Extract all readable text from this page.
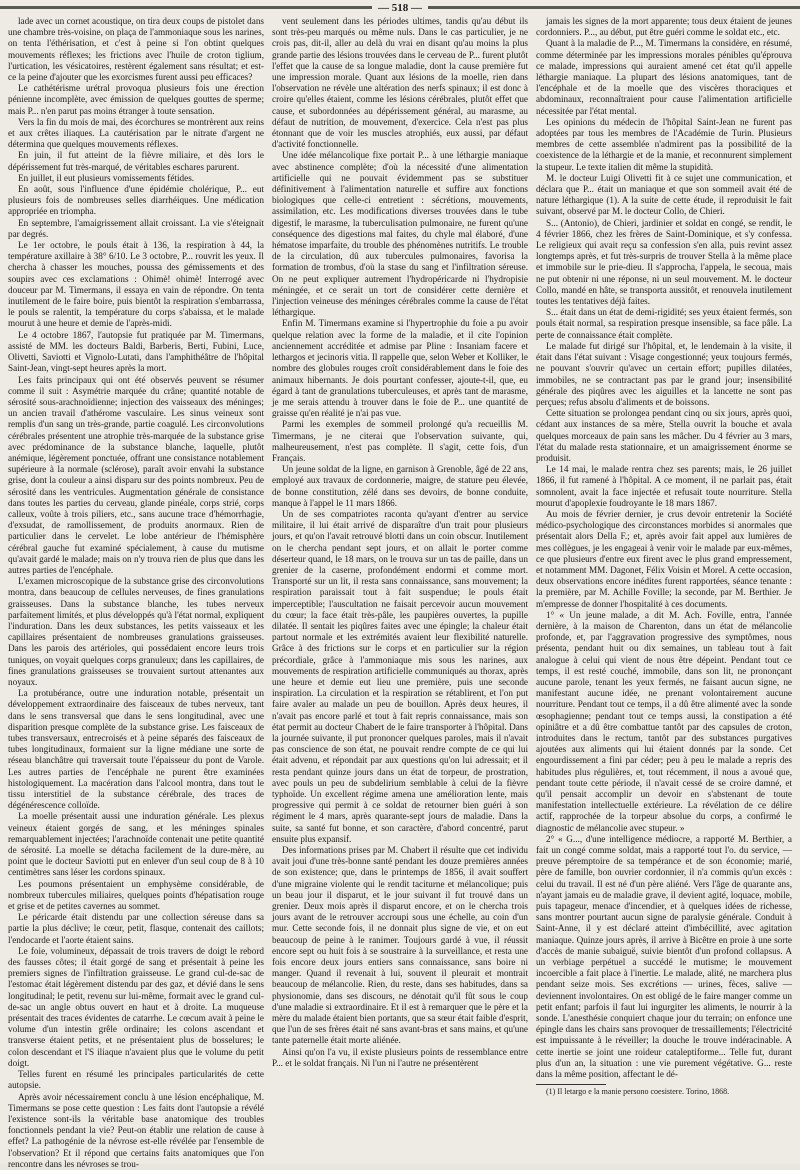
— 518 —

lade avec un cornet acoustique, on tira deux coups de pistolet dans une chambre très-voisine, on plaça de l'ammoniaque sous les narines, on tenta l'éthérisation, et c'est à peine si l'on obtint quelques mouvements réflexes; les frictions avec l'huile de croton tiglium, l'urtication, les vésicatoires, restèrent également sans résultat; et est-ce la peine d'ajouter que les exorcismes furent aussi peu efficaces?

Le cathétérisme urétral provoqua plusieurs fois une érection pénienne incomplète, avec émission de quelques gouttes de sperme; mais P... n'en parut pas moins étranger à toute sensation.

Vers la fin du mois de mai, des écorchures se montrèrent aux reins et aux crêtes iliaques. La cautérisation par le nitrate d'argent ne détermina que quelques mouvements réflexes.

En juin, il fut atteint de la fièvre miliaire, et dès lors le dépérissement fut très-marqué, de véritables eschares parurent.

En juillet, il eut plusieurs vomissements fétides.

En août, sous l'influence d'une épidémie cholérique, P... eut plusieurs fois de nombreuses selles diarrhéiques. Une médication appropriée en triompha.

En septembre, l'amaigrissement allait croissant. La vie s'éteignait par degrés.

Le 1er octobre, le pouls était à 136, la respiration à 44, la température axillaire à 38° 6/10. Le 3 octobre, P... rouvrit les yeux. Il chercha à chasser les mouches, poussa des gémissements et des soupirs avec ces exclamations : Ohimè! ohimè! Interrogé avec douceur par M. Timermans, il essaya en vain de répondre. On tenta inutilement de le faire boire, puis bientôt la respiration s'embarrassa, le pouls se ralentit, la température du corps s'abaissa, et le malade mourut à une heure et demie de l'après-midi.

Le 4 octobre 1867, l'autopsie fut pratiquée par M. Timermans, assisté de MM. les docteurs Baldi, Barberis, Berti, Fubini, Luce, Olivetti, Saviotti et Vignolo-Lutati, dans l'amphithéâtre de l'hôpital Saint-Jean, vingt-sept heures après la mort.

Les faits principaux qui ont été observés peuvent se résumer comme il suit : Asymétrie marquée du crâne; quantité notable de sérosité sous-arachnoïdienne; injection des vaisseaux des méninges; un ancien travail d'athérome vasculaire. Les sinus veineux sont remplis d'un sang un très-grande, partie coagulé. Les circonvolutions cérébrales présentent une atrophie très-marquée de la substance grise avec prédominance de la substance blanche, laquelle, plutôt anémique, légèrement ponctuée, offrant une consistance notablement supérieure à la normale (sclérose), paraît avoir envahi la substance grise, dont la couleur a ainsi disparu sur des points nombreux. Peu de sérosité dans les ventricules. Augmentation générale de consistance dans toutes les parties du cerveau, glande pinéale, corps strié, corps calleux, voûte à trois piliers, etc., sans aucune trace d'hémorrhagie, d'exsudat, de ramollissement, de produits anormaux. Rien de particulier dans le cervelet. Le lobe antérieur de l'hémisphère cérébral gauche fut examiné spécialement, à cause du mutisme qu'avait gardé le malade; mais on n'y trouva rien de plus que dans les autres parties de l'encéphale.

L'examen microscopique de la substance grise des circonvolutions montra, dans beaucoup de cellules nerveuses, de fines granulations graisseuses. Dans la substance blanche, les tubes nerveux parfaitement limités, et plus développés qu'à l'état normal, expliquent l'induration. Dans les deux substances, les petits vaisseaux et les capillaires présentaient de nombreuses granulations graisseuses. Dans les parois des artérioles, qui possédaient encore leurs trois tuniques, on voyait quelques corps granuleux; dans les capillaires, de fines granulations graisseuses se trouvaient surtout attenantes aux noyaux.

La protubérance, outre une induration notable, présentait un développement extraordinaire des faisceaux de tubes nerveux, tant dans le sens transversal que dans le sens longitudinal, avec une disparition presque complète de la substance grise. Les faisceaux de tubes transversaux, entrecroisés et à peine séparés des faisceaux de tubes longitudinaux, formaient sur la ligne médiane une sorte de réseau blanchâtre qui traversait toute l'épaisseur du pont de Varole. Les autres parties de l'encéphale ne purent être examinées histologiquement. La macération dans l'alcool montra, dans tout le tissu interstitiel de la substance cérébrale, des traces de dégénérescence colloïde.

La moelle présentait aussi une induration générale. Les plexus veineux étaient gorgés de sang, et les méninges spinales remarquablement injectées; l'arachnoïde contenait une petite quantité de sérosité. La moelle se détacha facilement de la dure-mère, au point que le docteur Saviotti put en enlever d'un seul coup de 8 à 10 centimètres sans léser les cordons spinaux.

Les poumons présentaient un emphysème considérable, de nombreux tubercules miliaires, quelques points d'hépatisation rouge et grise et de petites cavernes au sommet.

Le péricarde était distendu par une collection séreuse dans sa partie la plus déclive; le cœur, petit, flasque, contenait des caillots; l'endocarde et l'aorte étaient sains.

Le foie, volumineux, dépassait de trois travers de doigt le rebord des fausses côtes; il était gorgé de sang et présentait à peine les premiers signes de l'infiltration graisseuse. Le grand cul-de-sac de l'estomac était légèrement distendu par des gaz, et dévié dans le sens longitudinal; le petit, revenu sur lui-même, formait avec le grand cul-de-sac un angle obtus ouvert en haut et à droite. La muqueuse présentait des traces évidentes de catarrhe. Le cœcum avait à peine le volume d'un intestin grêle ordinaire; les colons ascendant et transverse étaient petits, et ne présentaient plus de bosselures; le colon descendant et l'S iliaque n'avaient plus que le volume du petit doigt.

Telles furent en résumé les principales particularités de cette autopsie.

Après avoir nécessairement conclu à une lésion encéphalique, M. Timermans se pose cette question : Les faits dont l'autopsie a révélé l'existence sont-ils la véritable base anatomique des troubles fonctionnels pendant la vie? Peut-on établir une relation de cause à effet? La pathogénie de la névrose est-elle révélée par l'ensemble de l'observation? Et il répond que certains faits anatomiques que l'on rencontre dans les névroses se trou-

vent seulement dans les périodes ultimes, tandis qu'au début ils sont très-peu marqués ou même nuls. Dans le cas particulier, je ne crois pas, dit-il, aller au delà du vrai en disant qu'au moins la plus grande partie des lésions trouvées dans le cerveau de P... furent plutôt l'effet que la cause de sa longue maladie, dont la cause première fut une impression morale. Quant aux lésions de la moelle, rien dans l'observation ne révèle une altération des nerfs spinaux; il est donc à croire qu'elles étaient, comme les lésions cérébrales, plutôt effet que cause, et subordonnées au dépérissement général, au marasme, au défaut de nutrition, de mouvement, d'exercice. Cela n'est pas plus étonnant que de voir les muscles atrophiés, eux aussi, par défaut d'activité fonctionnelle.

Une idée mélancolique fixe portait P... à une léthargie maniaque avec abstinence complète; d'où la nécessité d'une alimentation artificielle qui ne pouvait évidemment pas se substituer définitivement à l'alimentation naturelle et suffire aux fonctions biologiques que celle-ci entretient : sécrétions, mouvements, assimilation, etc. Les modifications diverses trouvées dans le tube digestif, le marasme, la tuberculisation pulmonaire, ne furent qu'une conséquence des digestions mal faites, du chyle mal élaboré, d'une hématose imparfaite, du trouble des phénomènes nutritifs. Le trouble de la circulation, dû aux tubercules pulmonaires, favorisa la formation de trombus, d'où la stase du sang et l'infiltration séreuse. On ne peut expliquer autrement l'hydropéricarde ni l'hydropisie méningée, et ce serait un tort de considérer cette dernière et l'injection veineuse des méninges cérébrales comme la cause de l'état léthargique.

Enfin M. Timermans examine si l'hypertrophie du foie a pu avoir quelque relation avec la forme de la maladie, et il cite l'opinion anciennement accréditée et admise par Pline : Insaniam facere et lethargos et jecinoris vitia. Il rappelle que, selon Weber et Kolliker, le nombre des globules rouges croît considérablement dans le foie des animaux hibernants. Je dois pourtant confesser, ajoute-t-il, que, eu égard à tant de granulations tuberculeuses, et après tant de marasme, je me serais attendu à trouver dans le foie de P... une quantité de graisse qu'en réalité je n'ai pas vue.

Parmi les exemples de sommeil prolongé qu'a recueillis M. Timermans, je ne citerai que l'observation suivante, qui, malheureusement, n'est pas complète. Il s'agit, cette fois, d'un Français.

Un jeune soldat de la ligne, en garnison à Grenoble, âgé de 22 ans, employé aux travaux de cordonnerie, maigre, de stature peu élevée, de bonne constitution, zélé dans ses devoirs, de bonne conduite, manque à l'appel le 11 mars 1866.

Un de ses compatriotes raconta qu'ayant d'entrer au service militaire, il lui était arrivé de disparaître d'un trait pour plusieurs jours, et qu'on l'avait retrouvé blotti dans un coin obscur. Inutilement on le chercha pendant sept jours, et on allait le porter comme déserteur quand, le 18 mars, on le trouva sur un tas de paille, dans un grenier de la caserne, profondément endormi et comme mort. Transporté sur un lit, il resta sans connaissance, sans mouvement; la respiration paraissait tout à fait suspendue; le pouls était imperceptible; l'auscultation ne faisait percevoir aucun mouvement du cœur; la face était très-pâle, les paupières ouvertes, la pupille dilatée. Il sentait les piqûres faites avec une épingle; la chaleur était partout normale et les extrémités avaient leur flexibilité naturelle. Grâce à des frictions sur le corps et en particulier sur la région précordiale, grâce à l'ammoniaque mis sous les narines, aux mouvements de respiration artificielle communiqués au thorax, après une heure et demie eut lieu une première, puis une seconde inspiration. La circulation et la respiration se rétablirent, et l'on put faire avaler au malade un peu de bouillon. Après deux heures, il n'avait pas encore parlé et tout à fait repris connaissance, mais son état permit au docteur Chabert de le faire transporter à l'hôpital. Dans la journée suivante, il put prononcer quelques paroles, mais il n'avait pas conscience de son état, ne pouvait rendre compte de ce qui lui était advenu, et répondait par aux questions qu'on lui adressait; et il resta pendant quinze jours dans un état de torpeur, de prostration, avec pouls un peu de subdelirium semblable à celui de la fièvre typhoïde. Un excellent régime amena une amélioration lente, mais progressive qui permit à ce soldat de retourner bien guéri à son régiment le 4 mars, après quarante-sept jours de maladie. Dans la suite, sa santé fut bonne, et son caractère, d'abord concentré, parut ensuite plus expansif.

Des informations prises par M. Chabert il résulte que cet individu avait joui d'une très-bonne santé pendant les douze premières années de son existence; que, dans le printemps de 1856, il avait souffert d'une migraine violente qui le rendit taciturne et mélancolique; puis un beau jour il disparut, et le jour suivant il fut trouvé dans un grenier. Deux mois après il disparut encore, et on le chercha trois jours avant de le retrouver accroupi sous une échelle, au coin d'un mur. Cette seconde fois, il ne donnait plus signe de vie, et on eut beaucoup de peine à le ranimer. Toujours gardé à vue, il réussit encore sept ou huit fois à se soustraire à la surveillance, et resta une fois encore deux jours entiers sans connaissance, sans boire ni manger. Quand il revenait à lui, souvent il pleurait et montrait beaucoup de mélancolie. Rien, du reste, dans ses habitudes, dans sa physionomie, dans ses discours, ne dénotait qu'il fût sous le coup d'une maladie si extraordinaire. Et il est à remarquer que le père et la mère du malade étaient bien portants, que sa sœur était faible d'esprit, que l'un de ses frères était né sans avant-bras et sans mains, et qu'une tante paternelle était morte aliénée.

Ainsi qu'on l'a vu, il existe plusieurs points de ressemblance entre P... et le soldat français. Ni l'un ni l'autre ne présentèrent

jamais les signes de la mort apparente; tous deux étaient de jeunes cordonniers. P..., au début, put être guéri comme le soldat etc., etc.

Quant à la maladie de P..., M. Timermans la considère, en résumé, comme déterminée par les impressions morales pénibles qu'éprouva ce malade, impressions qui auraient amené cet état qu'il appelle léthargie maniaque. La plupart des lésions anatomiques, tant de l'encéphale et de la moelle que des viscères thoraciques et abdominaux, reconnaîtraient pour cause l'alimentation artificielle nécessitée par l'état mental.

Les opinions du médecin de l'hôpital Saint-Jean ne furent pas adoptées par tous les membres de l'Académie de Turin. Plusieurs membres de cette assemblée n'admirent pas la possibilité de la coexistence de la léthargie et de la manie, et reconnurent simplement la stupeur. Le texte italien dit même la stupidità.

M. le docteur Luigi Olivetti fit à ce sujet une communication, et déclara que P... était un maniaque et que son sommeil avait été de nature léthargique (1). A la suite de cette étude, il reproduisit le fait suivant, observé par M. le docteur Collo, de Chieri.

S... (Antonio), de Chieri, jardinier et soldat en congé, se rendit, le 4 février 1866, chez les frères de Saint-Dominique, et s'y confessa. Le religieux qui avait reçu sa confession s'en alla, puis revint assez longtemps après, et fut très-surpris de trouver Stella à la même place et immobile sur le prie-dieu. Il s'approcha, l'appela, le secoua, mais ne put obtenir ni une réponse, ni un seul mouvement. M. le docteur Collo, mandé en hâte, se transporta aussitôt, et renouvela inutilement toutes les tentatives déjà faites.

S... était dans un état de demi-rigidité; ses yeux étaient fermés, son pouls était normal, sa respiration presque insensible, sa face pâle. La perte de connaissance était complète.

Le malade fut dirigé sur l'hôpital, et, le lendemain à la visite, il était dans l'état suivant : Visage congestionné; yeux toujours fermés, ne pouvant s'ouvrir qu'avec un certain effort; pupilles dilatées, immobiles, ne se contractant pas par le grand jour; insensibilité générale des piqûres avec les aiguilles et la lancette ne sont pas perçues; refus absolu d'aliments et de boissons.

Cette situation se prolongea pendant cinq ou six jours, après quoi, cédant aux instances de sa mère, Stella ouvrit la bouche et avala quelques morceaux de pain sans les mâcher. Du 4 février au 3 mars, l'état du malade resta stationnaire, et un amaigrissement énorme se produisit.

Le 14 mai, le malade rentra chez ses parents; mais, le 26 juillet 1866, il fut ramené à l'hôpital. A ce moment, il ne parlait pas, était somnolent, avait la face injectée et refusait toute nourriture. Stella mourut d'apoplexie foudroyante le 18 mars 1867.

Au mois de février dernier, je crus devoir entretenir la Société médico-psychologique des circonstances morbides si anormales que présentait alors Della F.; et, après avoir fait appel aux lumières de mes collègues, je les engageai à venir voir le malade par eux-mêmes, ce que plusieurs d'entre eux firent avec le plus grand empressement, et notamment MM. Dagonet, Félix Voisin et Morel. A cette occasion, deux observations encore inédites furent rapportées, séance tenante : la première, par M. Achille Foville; la seconde, par M. Berthier. Je m'empresse de donner l'hospitalité à ces documents.

1° « Un jeune malade, a dit M. Ach. Foville, entra, l'année dernière, à la maison de Charenton, dans un état de mélancolie profonde, et, par l'aggravation progressive des symptômes, nous présenta, pendant huit ou dix semaines, un tableau tout à fait analogue à celui qui vient de nous être dépeint. Pendant tout ce temps, il est resté couché, immobile, dans son lit, ne prononçant aucune parole, tenant les yeux fermés, ne faisant aucun signe, ne manifestant aucune idée, ne prenant volontairement aucune nourriture. Pendant tout ce temps, il a dû être alimenté avec la sonde œsophagienne; pendant tout ce temps aussi, la constipation a été opiniâtre et a dû être combattue tantôt par des capsules de croton, introduites dans le rectum, tantôt par des substances purgatives ajoutées aux aliments qui lui étaient donnés par la sonde. Cet engourdissement a fini par céder; peu à peu le malade a repris des habitudes plus régulières, et, tout récemment, il nous a avoué que, pendant toute cette période, il n'avait cessé de se croire damné, et qu'il pensait accomplir un devoir en s'abstenant de toute manifestation intellectuelle extérieure. La révélation de ce délire actif, rapprochée de la torpeur absolue du corps, a confirmé le diagnostic de mélancolie avec stupeur. »

2° « G..., d'une intelligence médiocre, a rapporté M. Berthier, a fait un congé comme soldat, mais a rapporté tout l'o. du service, — preuve péremptoire de sa tempérance et de son économie; marié, père de famille, bon ouvrier cordonnier, il n'a commis qu'un excès : celui du travail. Il est né d'un père aliéné. Vers l'âge de quarante ans, n'ayant jamais eu de maladie grave, il devient agité, loquace, mobile, puis tapageur, menace d'incendier, et à quelques idées de richesse, sans montrer pourtant aucun signe de paralysie générale. Conduit à Saint-Anne, il y est déclaré atteint d'imbécillité, avec agitation maniaque. Quinze jours après, il arrive à Bicêtre en proie à une sorte d'accès de manie subaiguë, suivie bientôt d'un profond collapsus. A un verbiage perpétuel a succédé le mutisme; le mouvement incoercible a fait place à l'inertie. Le malade, alité, ne marchera plus pendant seize mois. Ses excrétions — urines, fèces, salive — deviennent involontaires. On est obligé de le faire manger comme un petit enfant; parfois il faut lui ingurgiter les aliments, le nourrir à la sonde. L'anesthésie conquiert chaque jour du terrain; on enfonce une épingle dans les chairs sans provoquer de tressaillements; l'électricité est impuissante à le réveiller; la douche le trouve indéracinable. A cette inertie se joint une roideur cataleptiforme... Telle fut, durant plus d'un an, la situation : une vie purement végétative. G... reste dans la même position, affectant le dé-

(1) Il letargo e la manie persono coesistere. Torino, 1868.
